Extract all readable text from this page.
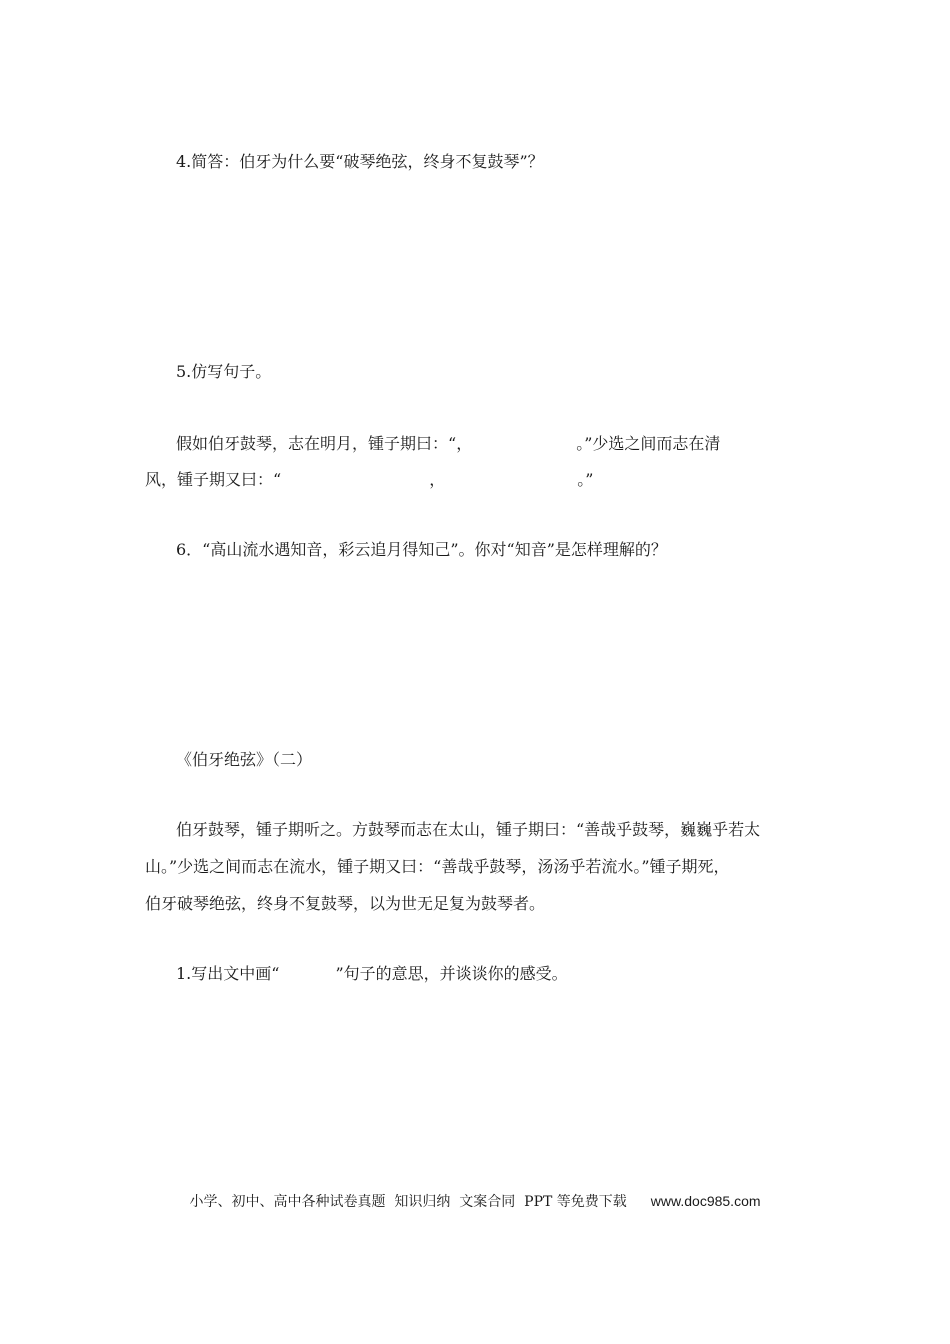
4.简答：伯牙为什么要“破琴绝弦，终身不复鼓琴”？
5.仿写句子。
假如伯牙鼓琴，志在明月，锺子期曰：“，	。”少选之间而志在清
风，锺子期又曰：“	，	。”
6．“高山流水遇知音，彩云追月得知己”。你对“知音”是怎样理解的？
《伯牙绝弦》（二）
伯牙鼓琴，锺子期听之。方鼓琴而志在太山，锺子期曰：“善哉乎鼓琴，巍巍乎若太
山。”少选之间而志在流水，锺子期又曰：“善哉乎鼓琴，汤汤乎若流水。”锺子期死，
伯牙破琴绝弦，终身不复鼓琴，以为世无足复为鼓琴者。
1.写出文中画“	”句子的意思，并谈谈你的感受。
小学、初中、高中各种试卷真题  知识归纳  文案合同  PPT 等免费下载 www.doc985.com
